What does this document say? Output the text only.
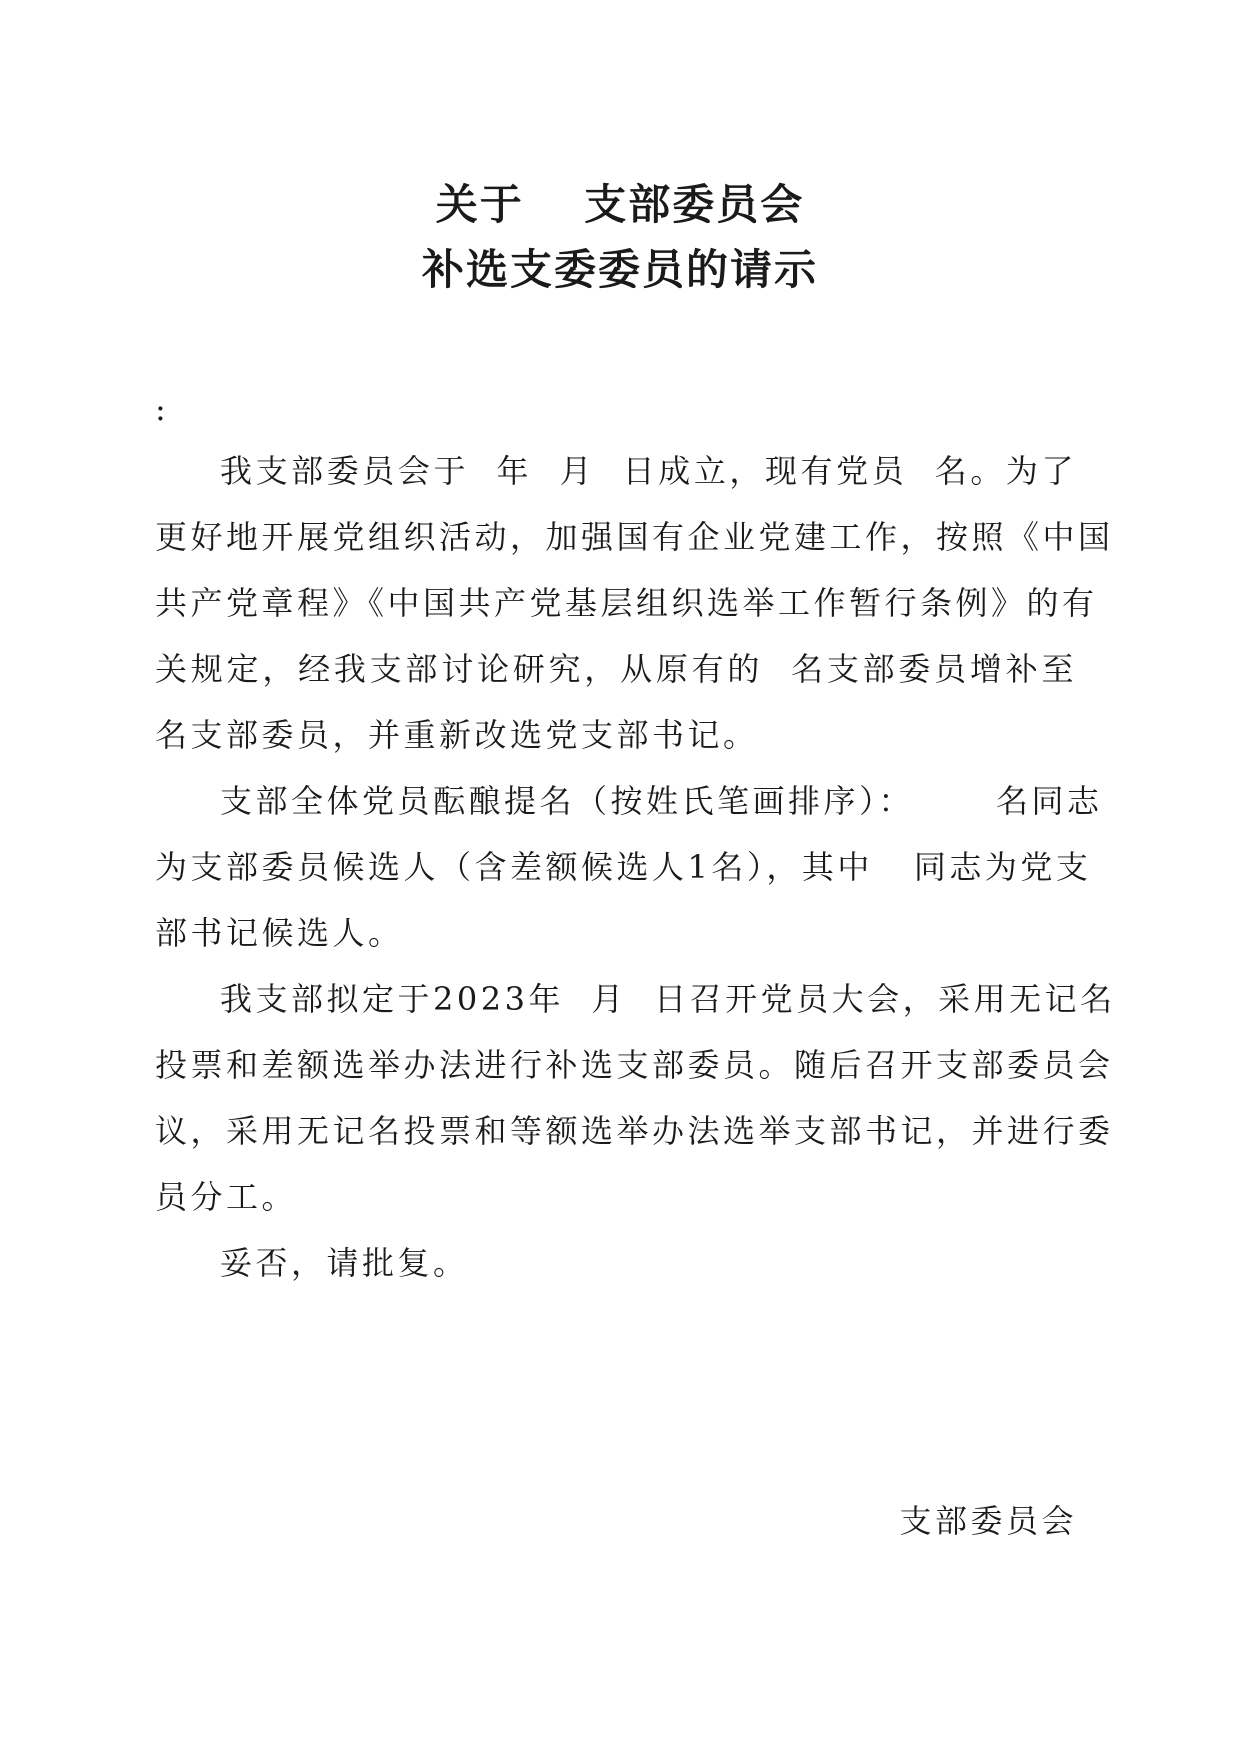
关于　 支部委员会
补选支委委员的请示
:
我支部委员会于  年  月  日成立，现有党员  名。为了
更好地开展党组织活动，加强国有企业党建工作，按照《中国
共产党章程》《中国共产党基层组织选举工作暂行条例》的有
关规定，经我支部讨论研究，从原有的  名支部委员增补至
名支部委员，并重新改选党支部书记。
支部全体党员酝酿提名（按姓氏笔画排序）：      名同志
为支部委员候选人（含差额候选人1名），其中   同志为党支
部书记候选人。
我支部拟定于2023年  月  日召开党员大会，采用无记名
投票和差额选举办法进行补选支部委员。随后召开支部委员会
议，采用无记名投票和等额选举办法选举支部书记，并进行委
员分工。
妥否，请批复。
支部委员会
